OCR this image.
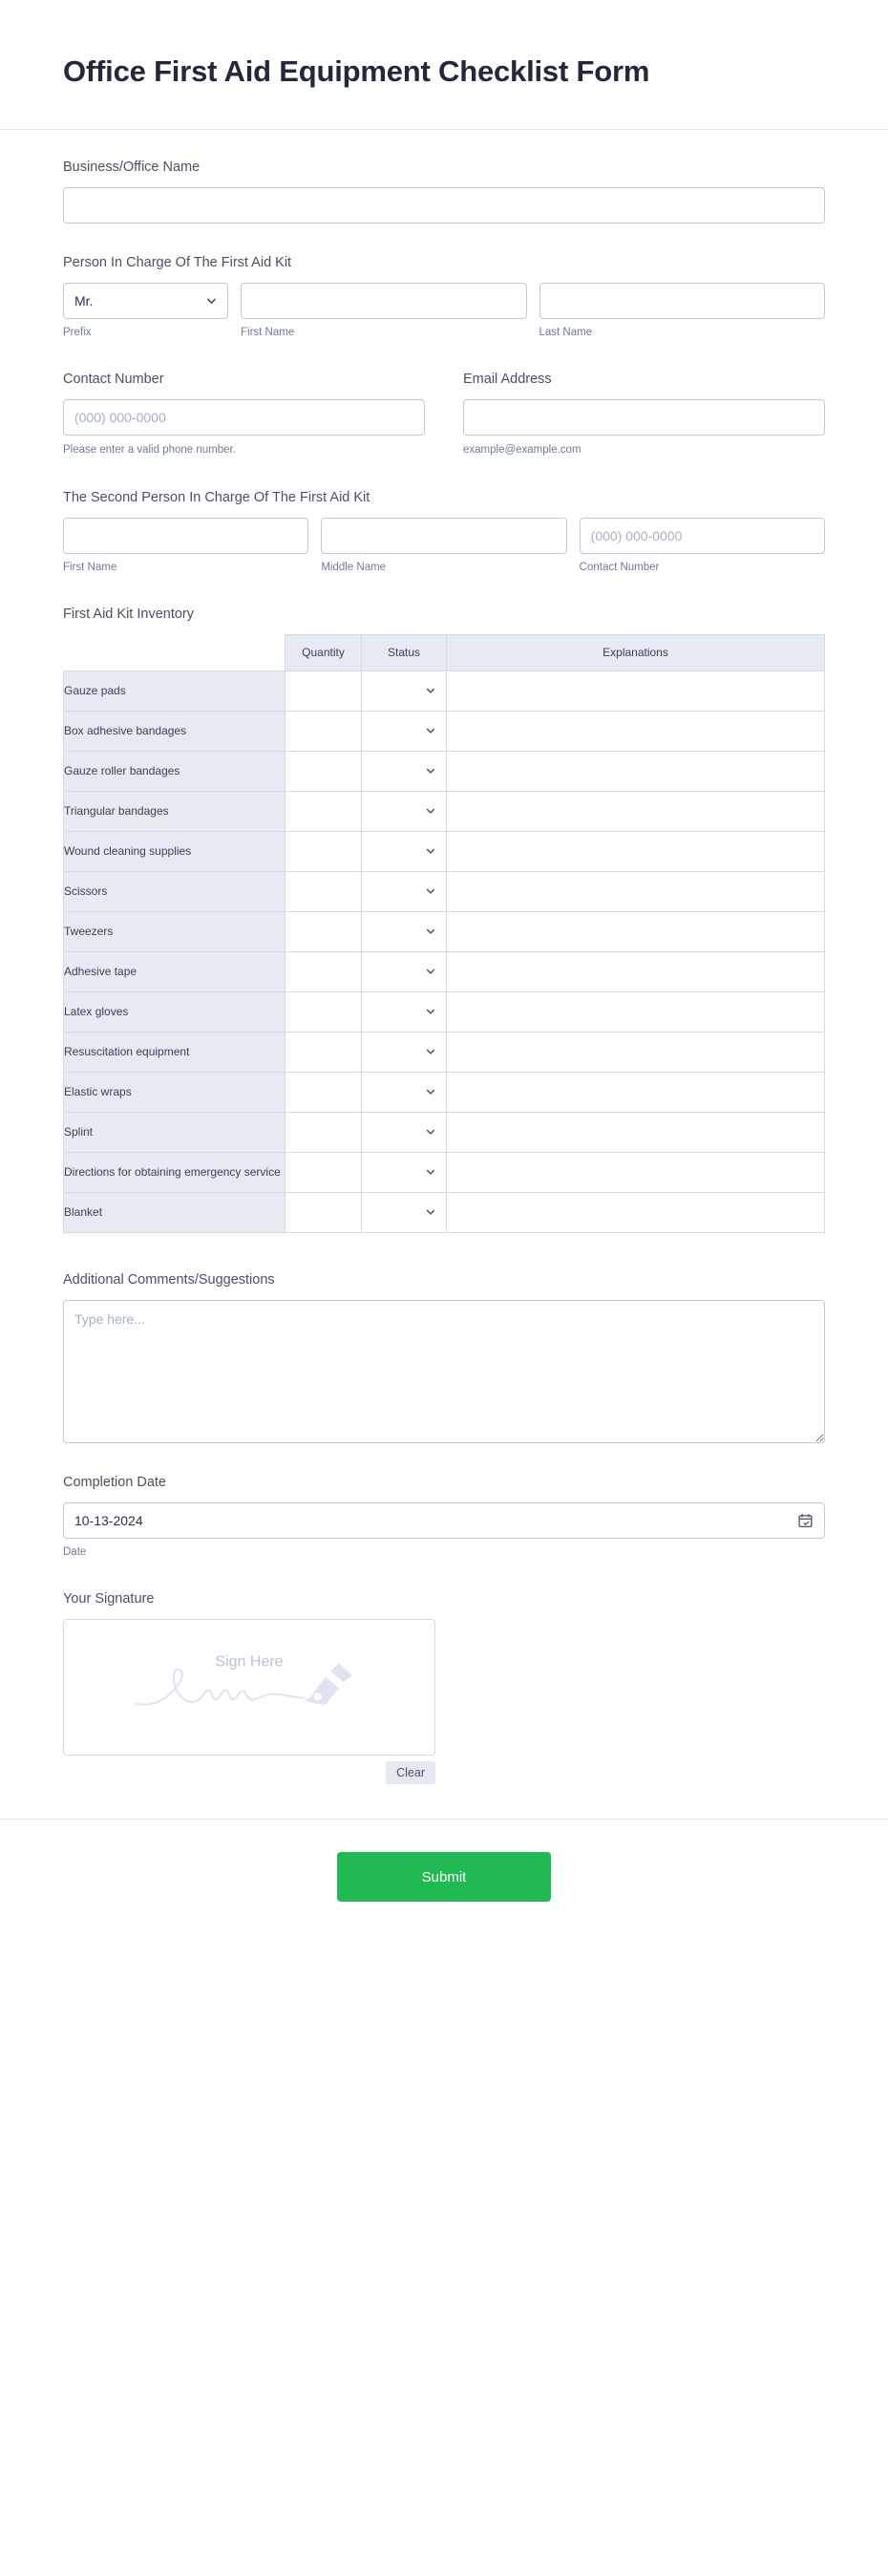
Office First Aid Equipment Checklist Form
Business/Office Name
Person In Charge Of The First Aid Kit
Mr.
Prefix	First Name	Last Name
Contact Number
(000) 000-0000
Please enter a valid phone number.
Email Address
example@example.com
The Second Person In Charge Of The First Aid Kit
First Name	Middle Name
(000) 000-0000	Contact Number
First Aid Kit Inventory
	Quantity	Status	Explanations
Gauze pads		

Box adhesive bandages		

Gauze roller bandages		

Triangular bandages		

Wound cleaning supplies		

Scissors		

Tweezers		

Adhesive tape		

Latex gloves		

Resuscitation equipment		

Elastic wraps		

Splint		

Directions for obtaining emergency service		

Blanket		

Additional Comments/Suggestions
Type here...
Completion Date
10-13-2024
Date
Your Signature
Sign Here
Clear
Submit
